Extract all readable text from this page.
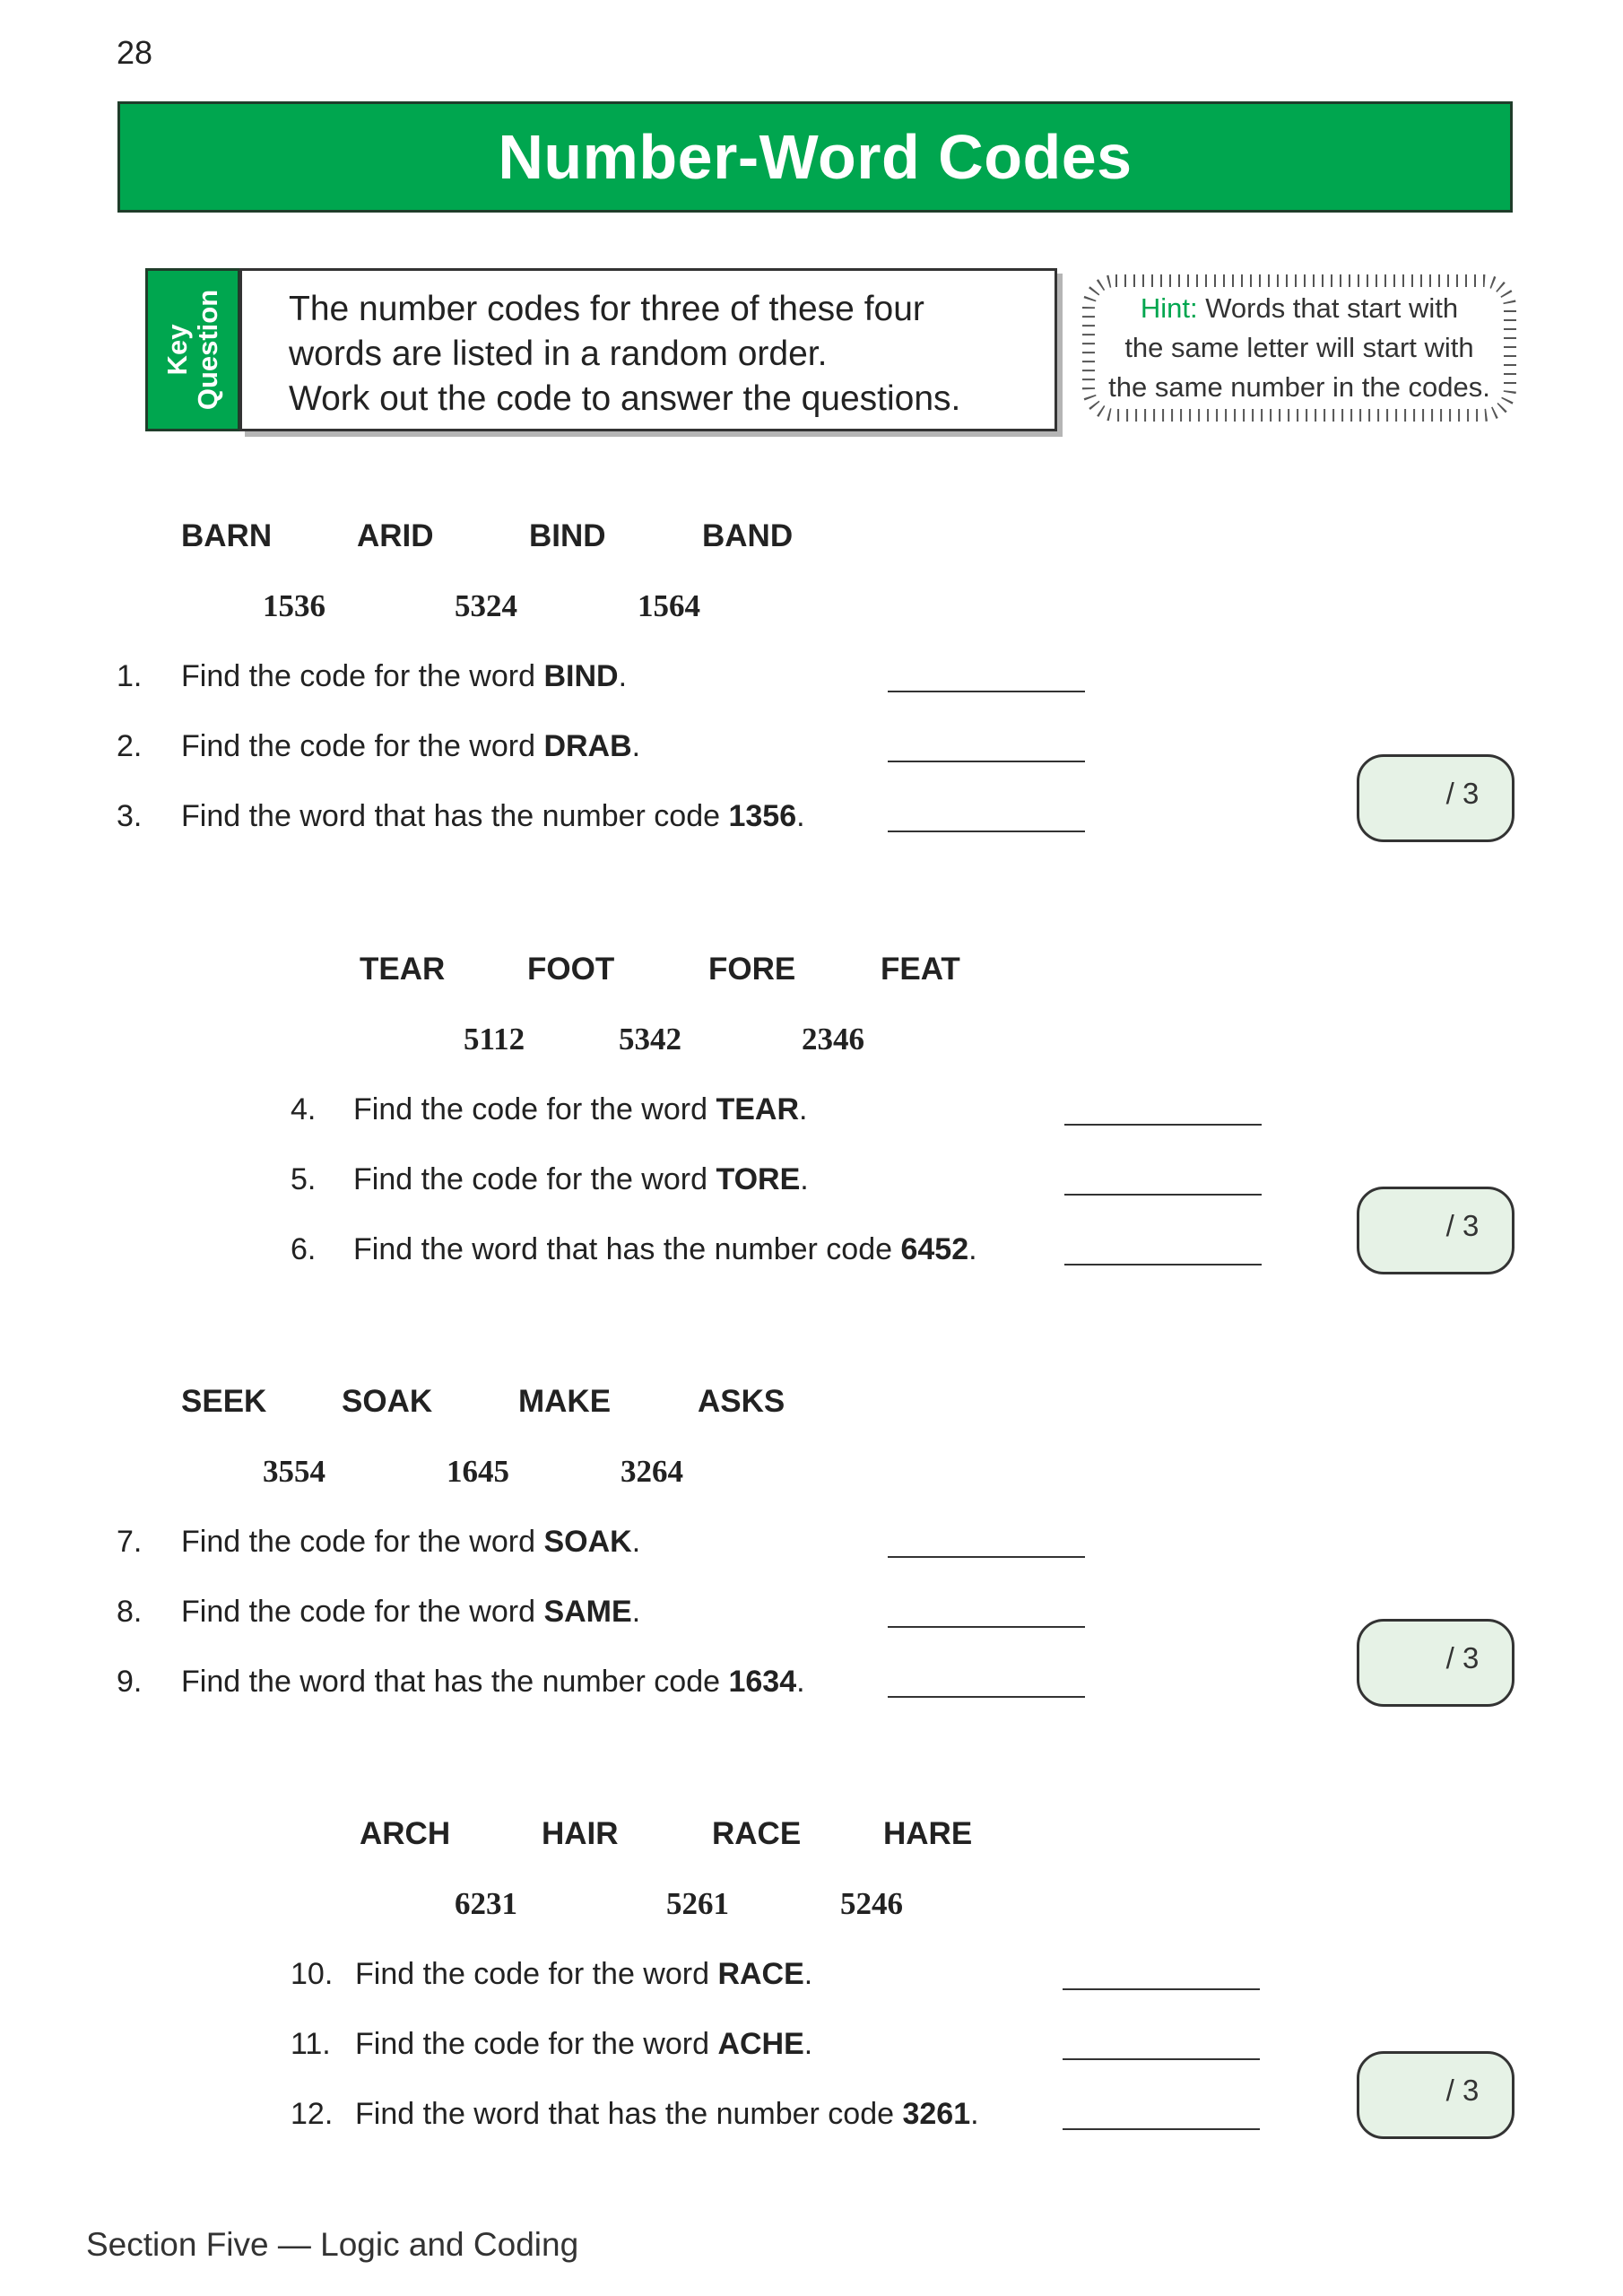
28
Number-Word Codes
Key Question The number codes for three of these four
words are listed in a random order.
Work out the code to answer the questions.
Hint: Words that start with
the same letter will start with
the same number in the codes.
BARN	ARID	BIND	BAND
1536	5324	1564
1. Find the code for the word BIND.
2. Find the code for the word DRAB.
3. Find the word that has the number code 1356.
/ 3
TEAR	FOOT	FORE	FEAT
5112	5342	2346
4. Find the code for the word TEAR.
5. Find the code for the word TORE.
6. Find the word that has the number code 6452.
/ 3
SEEK SOAK	MAKE	ASKS
3554	1645	3264
7. Find the code for the word SOAK.
8. Find the code for the word SAME.
9. Find the word that has the number code 1634.
/ 3
ARCH	HAIR	RACE	HARE
6231	5261	5246
10. Find the code for the word RACE.
11. Find the code for the word ACHE.
12. Find the word that has the number code 3261.
/ 3
Section Five — Logic and Coding
